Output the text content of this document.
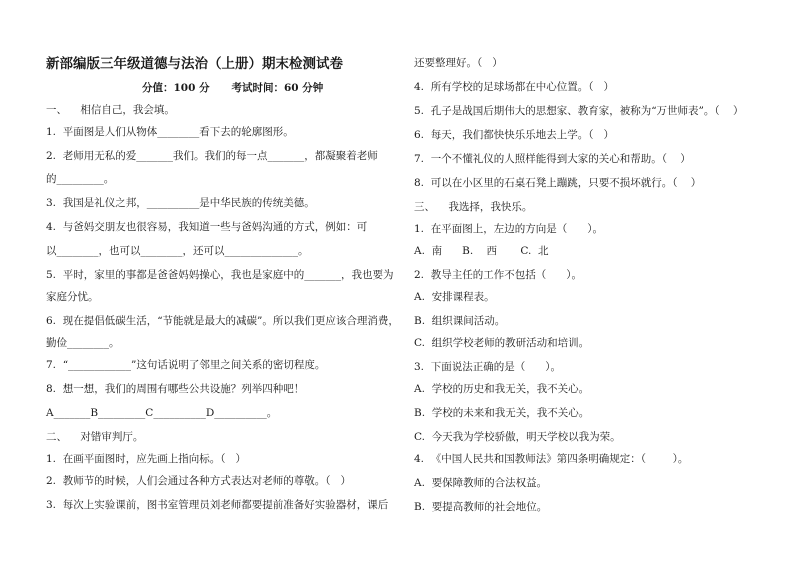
新部编版三年级道德与法治（上册）期末检测试卷
分值：100 分      考试时间：60 分钟
一、    相信自己，我会填。
1.  平面图是人们从物体________看下去的轮廓图形。
2.  老师用无私的爱_______我们。我们的每一点_______，都凝聚着老师
的_________。
3.  我国是礼仪之邦，__________是中华民族的传统美德。
4.  与爸妈交朋友也很容易，我知道一些与爸妈沟通的方式，例如：可
以________，也可以________，还可以______________。
5.  平时，家里的事都是爸爸妈妈操心，我也是家庭中的_______，我也要为
家庭分忧。
6.  现在提倡低碳生活，“节能就是最大的减碳”。所以我们更应该合理消费，
勤俭________。
7.  “____________”这句话说明了邻里之间关系的密切程度。
8.  想一想，我们的周围有哪些公共设施？列举四种吧！
A_______B_________C__________D__________。
二、    对错审判厅。
1.  在画平面图时，应先画上指向标。（   ）
2.  教师节的时候，人们会通过各种方式表达对老师的尊敬。（   ）
3.  每次上实验课前，图书室管理员刘老师都要提前准备好实验器材，课后
还要整理好。（   ）
4.  所有学校的足球场都在中心位置。（   ）
5.  孔子是战国后期伟大的思想家、教育家，被称为“万世师表”。（    ）
6.  每天，我们都快快乐乐地去上学。（   ）
7.  一个不懂礼仪的人照样能得到大家的关心和帮助。（    ）
8.  可以在小区里的石桌石凳上蹦跳，只要不损坏就行。（    ）
三、    我选择，我快乐。
1.  在平面图上，左边的方向是（      ）。
A.  南      B.    西       C.  北
2.  教导主任的工作不包括（      ）。
A.  安排课程表。
B.  组织课间活动。
C.  组织学校老师的教研活动和培训。
3.  下面说法正确的是（      ）。
A.  学校的历史和我无关，我不关心。
B.  学校的未来和我无关，我不关心。
C.  今天我为学校骄傲，明天学校以我为荣。
4.  《中国人民共和国教师法》第四条明确规定：（        ）。
A.  要保障教师的合法权益。
B.  要提高教师的社会地位。
